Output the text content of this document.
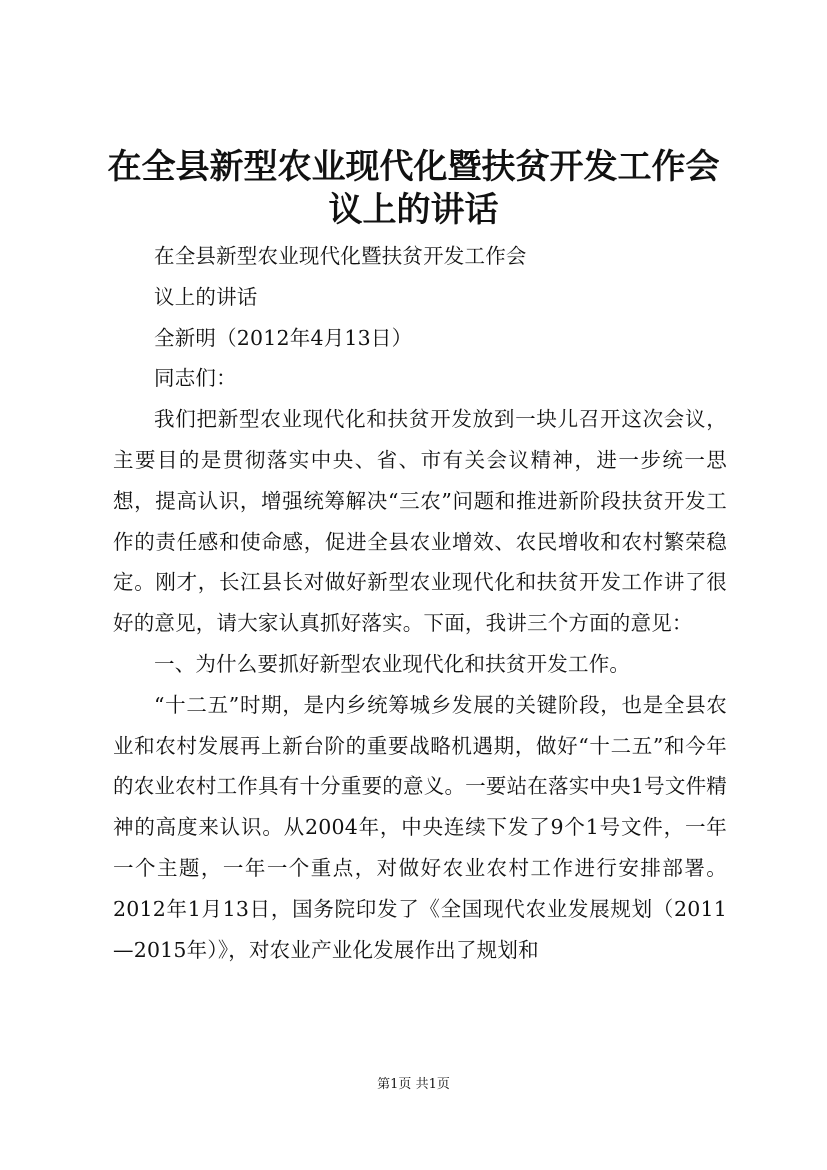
在全县新型农业现代化暨扶贫开发工作会议上的讲话

在全县新型农业现代化暨扶贫开发工作会

议上的讲话

全新明（2012年4月13日）

同志们：

我们把新型农业现代化和扶贫开发放到一块儿召开这次会议，主要目的是贯彻落实中央、省、市有关会议精神，进一步统一思想，提高认识，增强统筹解决“三农”问题和推进新阶段扶贫开发工作的责任感和使命感，促进全县农业增效、农民增收和农村繁荣稳定。刚才，长江县长对做好新型农业现代化和扶贫开发工作讲了很好的意见，请大家认真抓好落实。下面，我讲三个方面的意见：

一、为什么要抓好新型农业现代化和扶贫开发工作。

“十二五”时期，是内乡统筹城乡发展的关键阶段，也是全县农业和农村发展再上新台阶的重要战略机遇期，做好“十二五”和今年的农业农村工作具有十分重要的意义。一要站在落实中央1号文件精神的高度来认识。从2004年，中央连续下发了9个1号文件，一年一个主题，一年一个重点，对做好农业农村工作进行安排部署。2012年1月13日，国务院印发了《全国现代农业发展规划（2011—2015年）》，对农业产业化发展作出了规划和

第1页 共1页
